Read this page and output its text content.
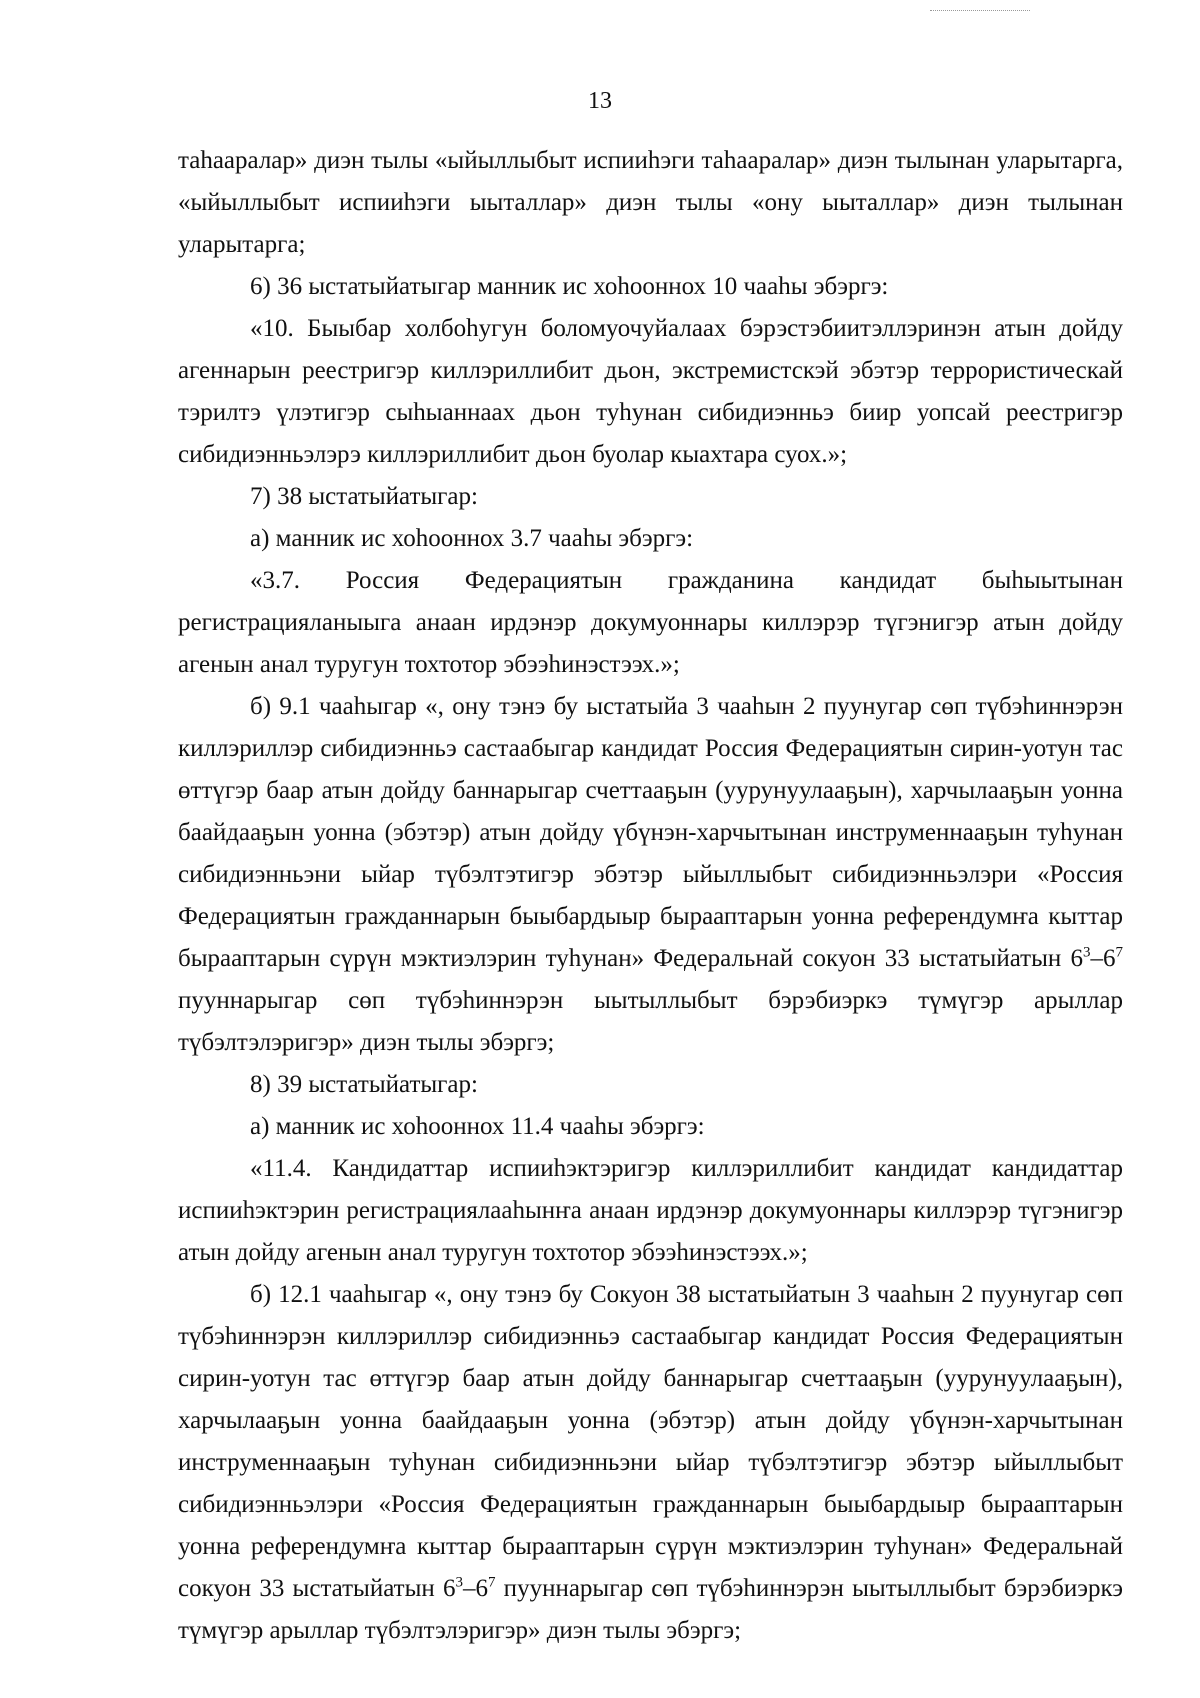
13

таһааралар» диэн тылы «ыйыллыбыт испииһэги таһааралар» диэн тылынан уларытарга, «ыйыллыбыт испииһэги ыыталлар» диэн тылы «ону ыыталлар» диэн тылынан уларытарга;

6) 36 ыстатыйатыгар манник ис хоһооннох 10 чааһы эбэргэ:

«10. Быыбар холбоһугун боломуочуйалаах бэрэстэбиитэллэринэн атын дойду агеннарын реестригэр киллэриллибит дьон, экстремистскэй эбэтэр террористическай тэрилтэ үлэтигэр сыһыаннаах дьон туһунан сибидиэнньэ биир уопсай реестригэр сибидиэнньэлэрэ киллэриллибит дьон буолар кыахтара суох.»;

7) 38 ыстатыйатыгар:

а) манник ис хоһооннох 3.7 чааһы эбэргэ:

«3.7. Россия Федерациятын гражданина кандидат быһыытынан регистрацияланыыга анаан ирдэнэр докумуоннары киллэрэр түгэнигэр атын дойду агенын анал туругун тохтотор эбээһинэстээх.»;

б) 9.1 чааһыгар «, ону тэнэ бу ыстатыйа 3 чааһын 2 пуунугар сөп түбэһиннэрэн киллэриллэр сибидиэнньэ састаабыгар кандидат Россия Федерациятын сирин-уотун тас өттүгэр баар атын дойду баннарыгар счеттааҕын (уурунуулааҕын), харчылааҕын уонна баайдааҕын уонна (эбэтэр) атын дойду үбүнэн-харчытынан инструменнааҕын туһунан сибидиэнньэни ыйар түбэлтэтигэр эбэтэр ыйыллыбыт сибидиэнньэлэри «Россия Федерациятын гражданнарын быыбардыыр бырааптарын уонна референдумҥа кыттар бырааптарын сүрүн мэктиэлэрин туһунан» Федеральнай сокуон 33 ыстатыйатын $6^3-6^7$ пууннарыгар сөп түбэһиннэрэн ыытыллыбыт бэрэбиэркэ түмүгэр арыллар түбэлтэлэригэр» диэн тылы эбэргэ;

8) 39 ыстатыйатыгар:

а) манник ис хоһооннох 11.4 чааһы эбэргэ:

«11.4. Кандидаттар испииһэктэригэр киллэриллибит кандидат кандидаттар испииһэктэрин регистрациялааһынҥа анаан ирдэнэр докумуоннары киллэрэр түгэнигэр атын дойду агенын анал туругун тохтотор эбээһинэстээх.»;

б) 12.1 чааһыгар «, ону тэнэ бу Сокуон 38 ыстатыйатын 3 чааһын 2 пуунугар сөп түбэһиннэрэн киллэриллэр сибидиэнньэ састаабыгар кандидат Россия Федерациятын сирин-уотун тас өттүгэр баар атын дойду баннарыгар счеттааҕын (уурунуулааҕын), харчылааҕын уонна баайдааҕын уонна (эбэтэр) атын дойду үбүнэн-харчытынан инструменнааҕын туһунан сибидиэнньэни ыйар түбэлтэтигэр эбэтэр ыйыллыбыт сибидиэнньэлэри «Россия Федерациятын гражданнарын быыбардыыр бырааптарын уонна референдумҥа кыттар бырааптарын сүрүн мэктиэлэрин туһунан» Федеральнай сокуон 33 ыстатыйатын $6^3-6^7$ пууннарыгар сөп түбэһиннэрэн ыытыллыбыт бэрэбиэркэ түмүгэр арыллар түбэлтэлэригэр» диэн тылы эбэргэ;
